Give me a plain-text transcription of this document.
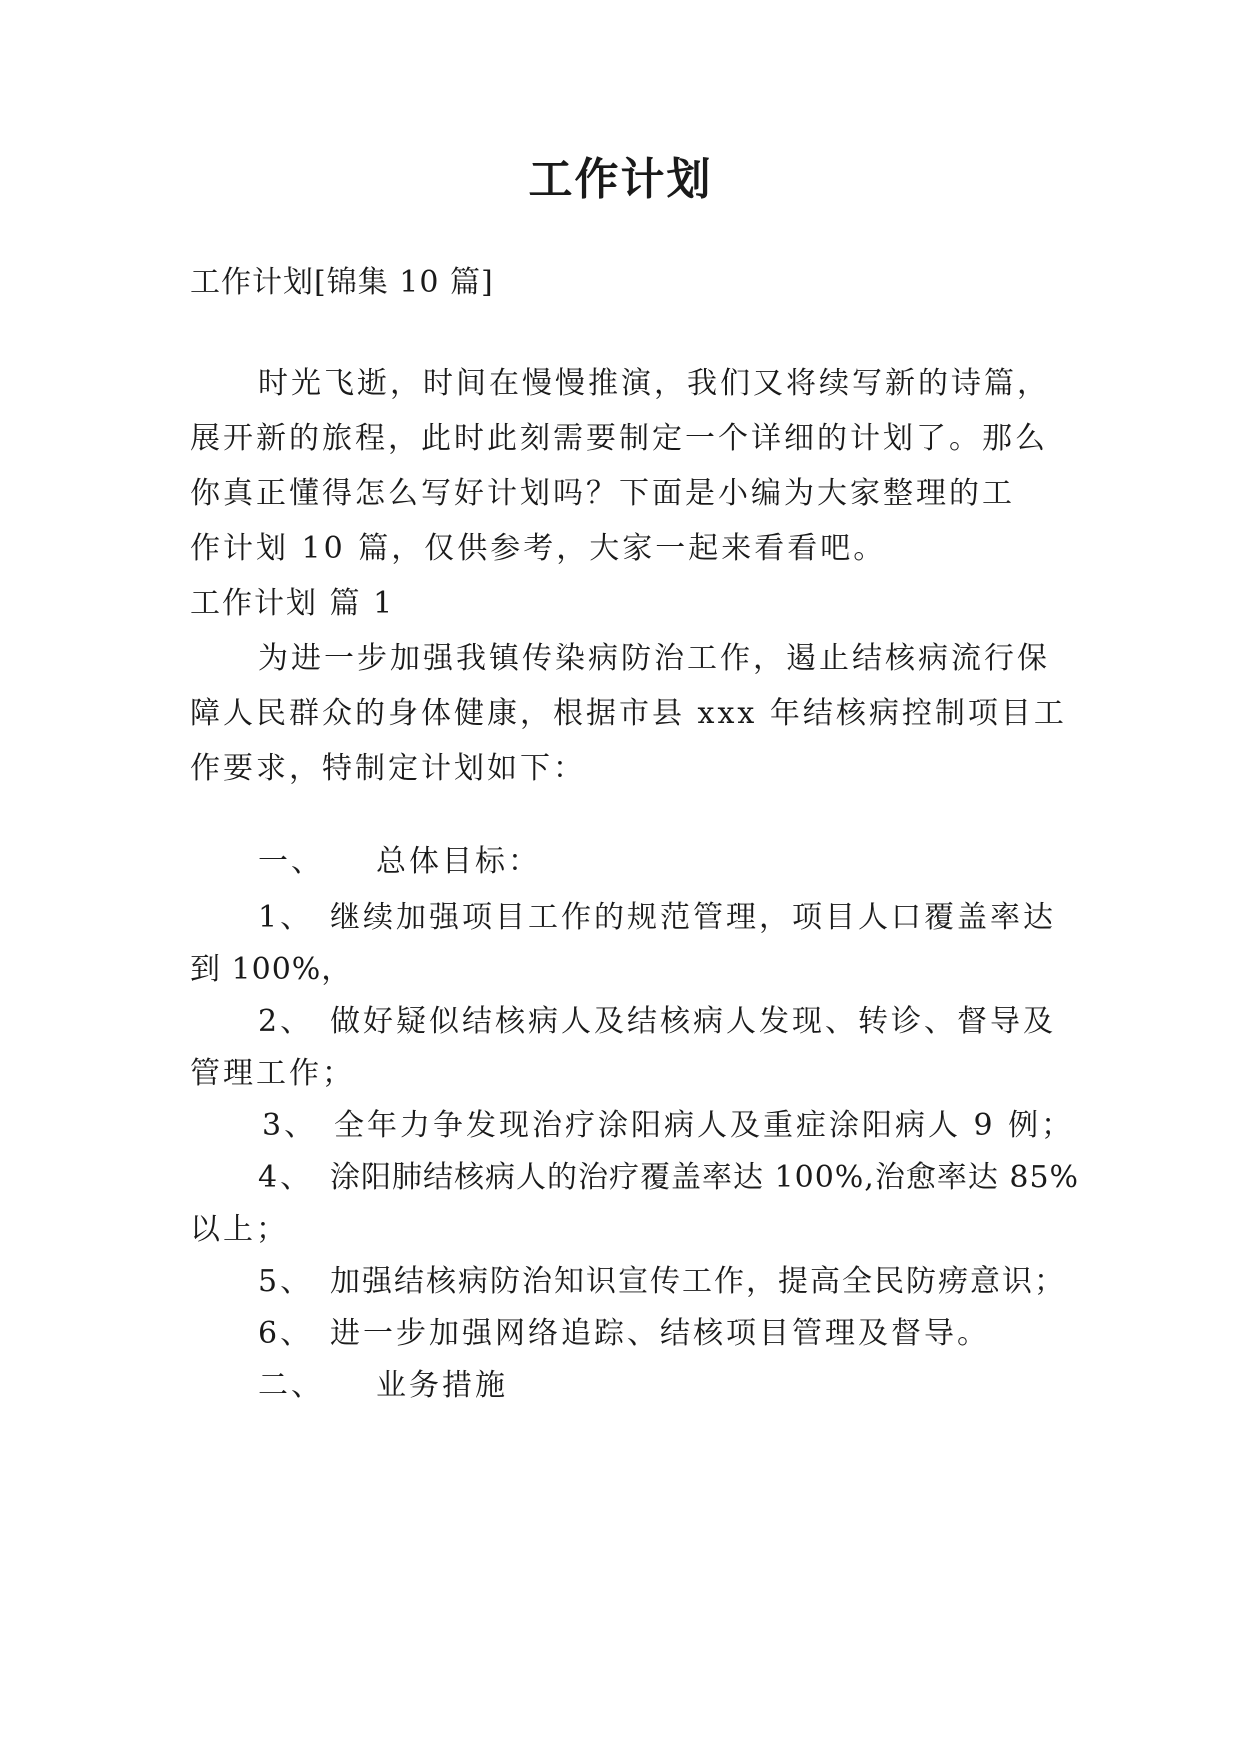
工作计划
工作计划[锦集 10 篇]
时光飞逝，时间在慢慢推演，我们又将续写新的诗篇，
展开新的旅程，此时此刻需要制定一个详细的计划了。那么
你真正懂得怎么写好计划吗？下面是小编为大家整理的工
作计划 10 篇，仅供参考，大家一起来看看吧。
工作计划 篇 1
为进一步加强我镇传染病防治工作，遏止结核病流行保
障人民群众的身体健康，根据市县 xxx 年结核病控制项目工
作要求，特制定计划如下：
一、 总体目标：
1、 继续加强项目工作的规范管理，项目人口覆盖率达
到 100%，
2、 做好疑似结核病人及结核病人发现、转诊、督导及
管理工作；
3、 全年力争发现治疗涂阳病人及重症涂阳病人 9 例；
4、 涂阳肺结核病人的治疗覆盖率达 100%,治愈率达 85%
以上；
5、 加强结核病防治知识宣传工作，提高全民防痨意识；
6、 进一步加强网络追踪、结核项目管理及督导。
二、 业务措施
